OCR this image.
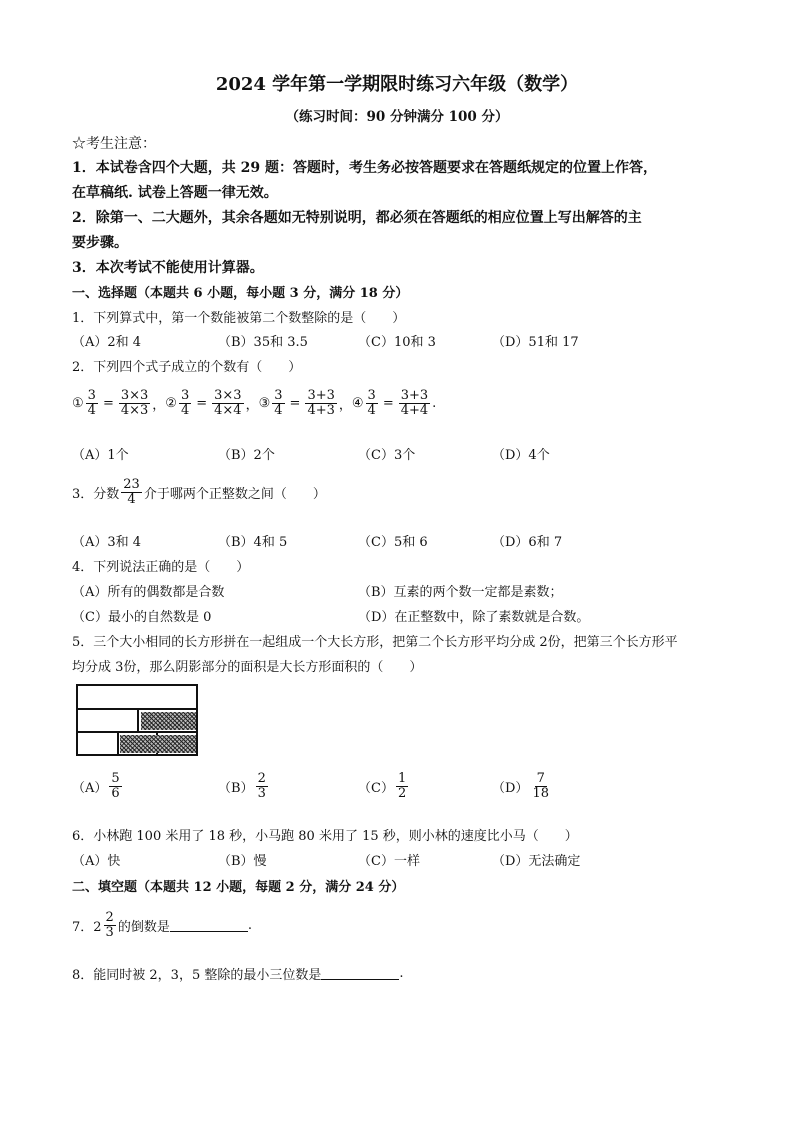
2024 学年第一学期限时练习六年级（数学）
（练习时间：90 分钟满分 100 分）
☆考生注意：
1．本试卷含四个大题，共 29 题：答题时，考生务必按答题要求在答题纸规定的位置上作答，
在草稿纸. 试卷上答题一律无效。
2．除第一、二大题外，其余各题如无特别说明，都必须在答题纸的相应位置上写出解答的主
要步骤。
3．本次考试不能使用计算器。
一、选择题（本题共 6 小题，每小题 3 分，满分 18 分）
1．下列算式中，第一个数能被第二个数整除的是（　　）
（A）2和 4	（B）35和 3.5	（C）10和 3	（D）51和 17
2．下列四个式子成立的个数有（　　）
① $\frac{3}{4} = \frac{3\times 3}{4\times 3}$ ， ② $\frac{3}{4} = \frac{3\times 3}{4\times 4}$ ， ③ $\frac{3}{4} = \frac{3+3}{4+3}$ ， ④ $\frac{3}{4} = \frac{3+3}{4+4}$ .
（A）1个	（B）2个	（C）3个	（D）4个
3．分数 $\frac{23}{4}$ 介于哪两个正整数之间（　　）
（A）3和 4	（B）4和 5	（C）5和 6	（D）6和 7
4．下列说法正确的是（　　）
（A）所有的偶数都是合数	（B）互素的两个数一定都是素数；
（C）最小的自然数是 0	（D）在正整数中，除了素数就是合数。
5．三个大小相同的长方形拼在一起组成一个大长方形，把第二个长方形平均分成 2份，把第三个长方形平
均分成 3份，那么阴影部分的面积是大长方形面积的（　　）
$(A) \frac{5}{6}$	$(B) \frac{2}{3}$	$(C) \frac{1}{2}$	$(D) \frac{7}{18}$
6．小林跑 100 米用了 18 秒，小马跑 80 米用了 15 秒，则小林的速度比小马（　　）
（A）快	（B）慢	（C）一样	（D）无法确定
二、填空题（本题共 12 小题，每题 2 分，满分 24 分）
7．$2 \frac{2}{3}$ 的倒数是	.
8．能同时被 2，3，5 整除的最小三位数是	.
